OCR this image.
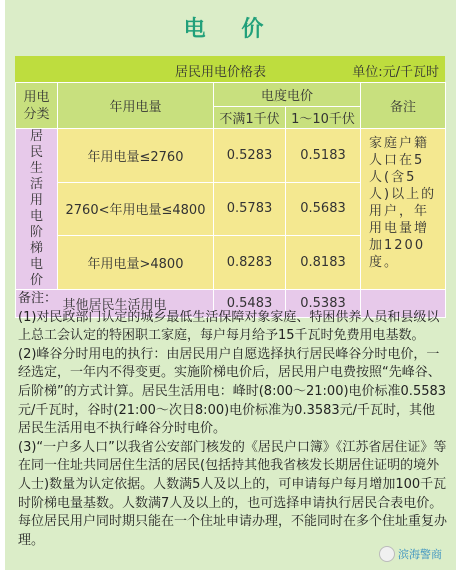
电 价
居民用电价格表	单位:元/千瓦时
用电分类	年用电量	电度电价		备注
		不满1千伏	1～10千伏	

居民生活用电阶梯电价	年用电量≤2760	0.5283	0.5183	家庭户籍人口在5人(含5人)以上的用户，年用电量增加1200度。
	2760<年用电量≤4800	0.5783	0.5683	
	年用电量>4800	0.8283	0.8183	
其他居民生活用电		0.5483	0.5383	

备注：

(1)对民政部门认定的城乡最低生活保障对象家庭、特困供养人员和县级以上总工会认定的特困职工家庭，每户每月给予15千瓦时免费用电基数。

(2)峰谷分时用电的执行：由居民用户自愿选择执行居民峰谷分时电价，一经选定，一年内不得变更。实施阶梯电价后，居民用户电费按照“先峰谷、后阶梯”的方式计算。居民生活用电：峰时(8:00～21:00)电价标准0.5583元/千瓦时，谷时(21:00～次日8:00)电价标准为0.3583元/千瓦时，其他居民生活用电不执行峰谷分时电价。

(3)“一户多人口”以我省公安部门核发的《居民户口簿》《江苏省居住证》等在同一住址共同居住生活的居民(包括持其他我省核发长期居住证明的境外人士)数量为认定依据。人数满5人及以上的，可申请每户每月增加100千瓦时阶梯电量基数。人数满7人及以上的，也可选择申请执行居民合表电价。每位居民用户同时期只能在一个住址申请办理，不能同时在多个住址重复办理。

滨海警商
